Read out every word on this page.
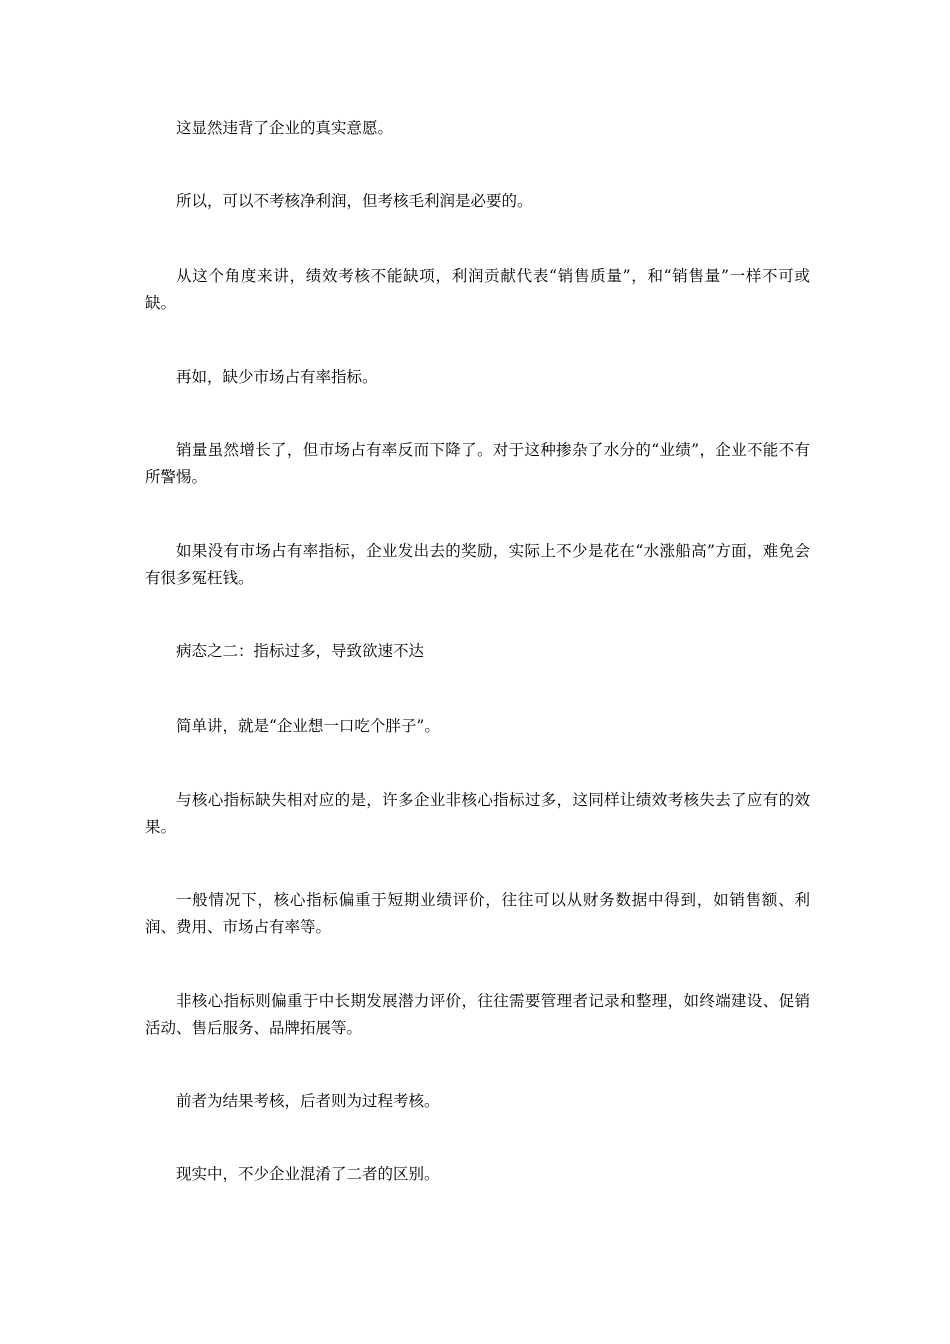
这显然违背了企业的真实意愿。

所以，可以不考核净利润，但考核毛利润是必要的。

从这个角度来讲，绩效考核不能缺项，利润贡献代表“销售质量”，和“销售量”一样不可或缺。

再如，缺少市场占有率指标。

销量虽然增长了，但市场占有率反而下降了。对于这种掺杂了水分的“业绩”，企业不能不有所警惕。

如果没有市场占有率指标，企业发出去的奖励，实际上不少是花在“水涨船高”方面，难免会有很多冤枉钱。

病态之二：指标过多，导致欲速不达

简单讲，就是“企业想一口吃个胖子”。

与核心指标缺失相对应的是，许多企业非核心指标过多，这同样让绩效考核失去了应有的效果。

一般情况下，核心指标偏重于短期业绩评价，往往可以从财务数据中得到，如销售额、利润、费用、市场占有率等。

非核心指标则偏重于中长期发展潜力评价，往往需要管理者记录和整理，如终端建设、促销活动、售后服务、品牌拓展等。

前者为结果考核，后者则为过程考核。

现实中，不少企业混淆了二者的区别。
